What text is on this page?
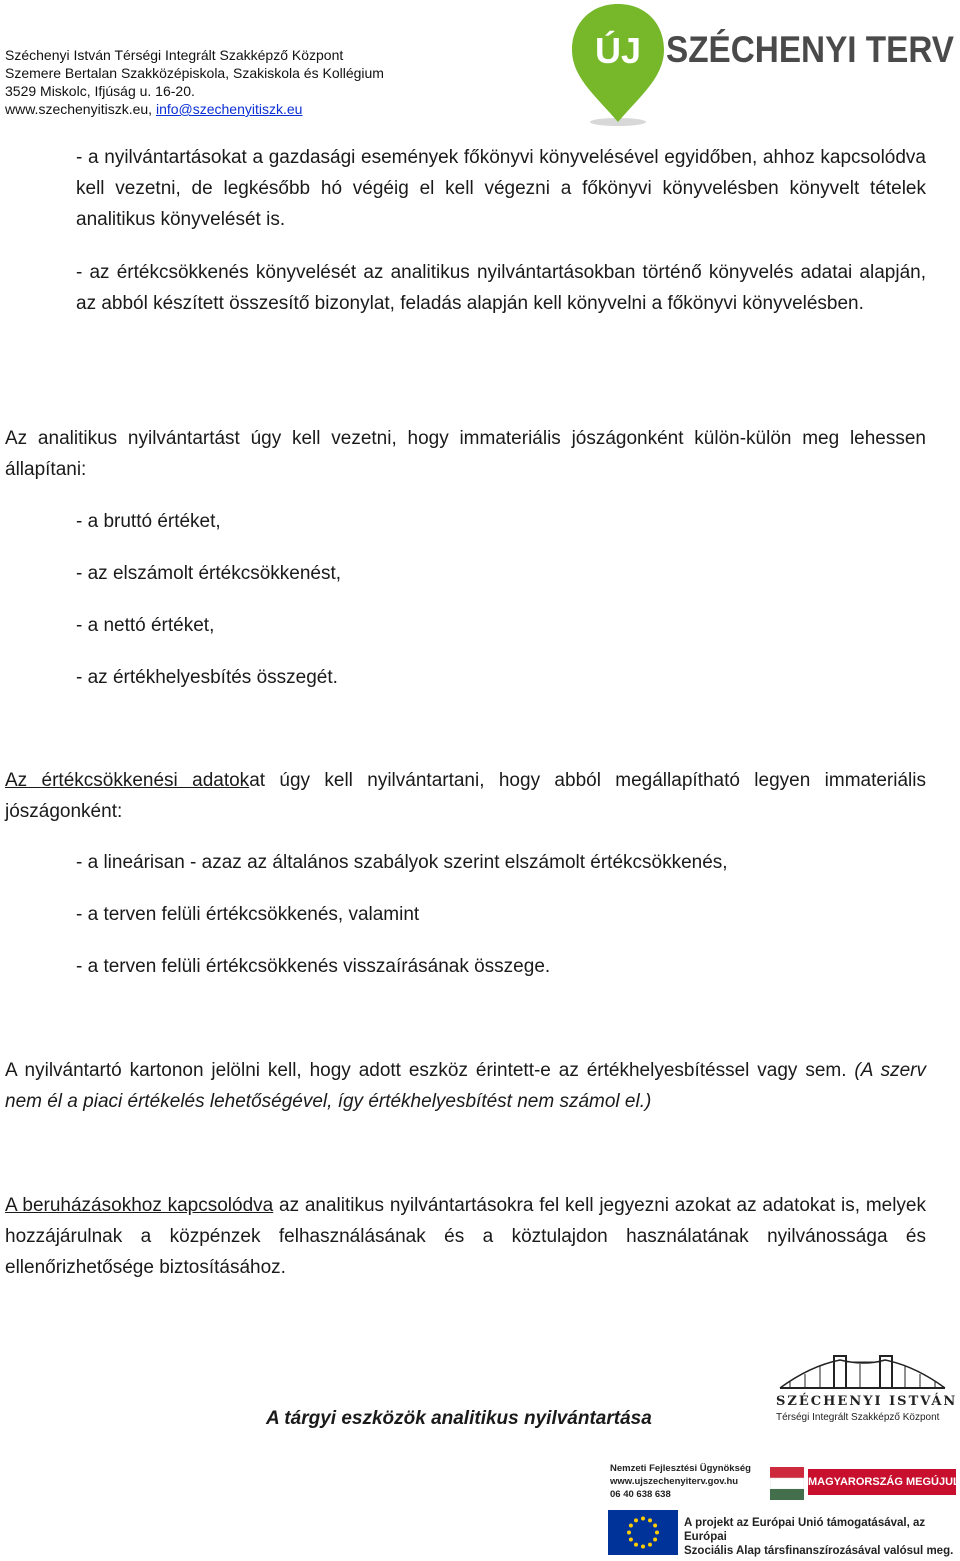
Széchenyi István Térségi Integrált Szakképző Központ
Szemere Bertalan Szakközépiskola, Szakiskola és Kollégium
3529 Miskolc, Ifjúság u. 16-20.
www.szechenyitiszk.eu, info@szechenyitiszk.eu
ÚJ SZÉCHENYI TERV
- a nyilvántartásokat a gazdasági események főkönyvi könyvelésével egyidőben, ahhoz kapcsolódva kell vezetni, de legkésőbb hó végéig el kell végezni a főkönyvi könyvelésben könyvelt tételek analitikus könyvelését is.
- az értékcsökkenés könyvelését az analitikus nyilvántartásokban történő könyvelés adatai alapján, az abból készített összesítő bizonylat, feladás alapján kell könyvelni a főkönyvi könyvelésben.
Az analitikus nyilvántartást úgy kell vezetni, hogy immateriális jószágonként külön-külön meg lehessen állapítani:
- a bruttó értéket,
- az elszámolt értékcsökkenést,
- a nettó értéket,
- az értékhelyesbítés összegét.
Az értékcsökkenési adatokat úgy kell nyilvántartani, hogy abból megállapítható legyen immateriális jószágonként:
- a lineárisan - azaz az általános szabályok szerint elszámolt értékcsökkenés,
- a terven felüli értékcsökkenés, valamint
- a terven felüli értékcsökkenés visszaírásának összege.
A nyilvántartó kartonon jelölni kell, hogy adott eszköz érintett-e az értékhelyesbítéssel vagy sem. (A szerv nem él a piaci értékelés lehetőségével, így értékhelyesbítést nem számol el.)
A beruházásokhoz kapcsolódva az analitikus nyilvántartásokra fel kell jegyezni azokat az adatokat is, melyek hozzájárulnak a közpénzek felhasználásának és a köztulajdon használatának nyilvánossága és ellenőrizhetősége biztosításához.
A tárgyi eszközök analitikus nyilvántartása
SZÉCHENYI ISTVÁN
Térségi Integrált Szakképző Központ
Nemzeti Fejlesztési Ügynökség
www.ujszechenyiterv.gov.hu
06 40 638 638
MAGYARORSZÁG MEGÚJUL
A projekt az Európai Unió támogatásával, az Európai
Szociális Alap társfinanszírozásával valósul meg.
